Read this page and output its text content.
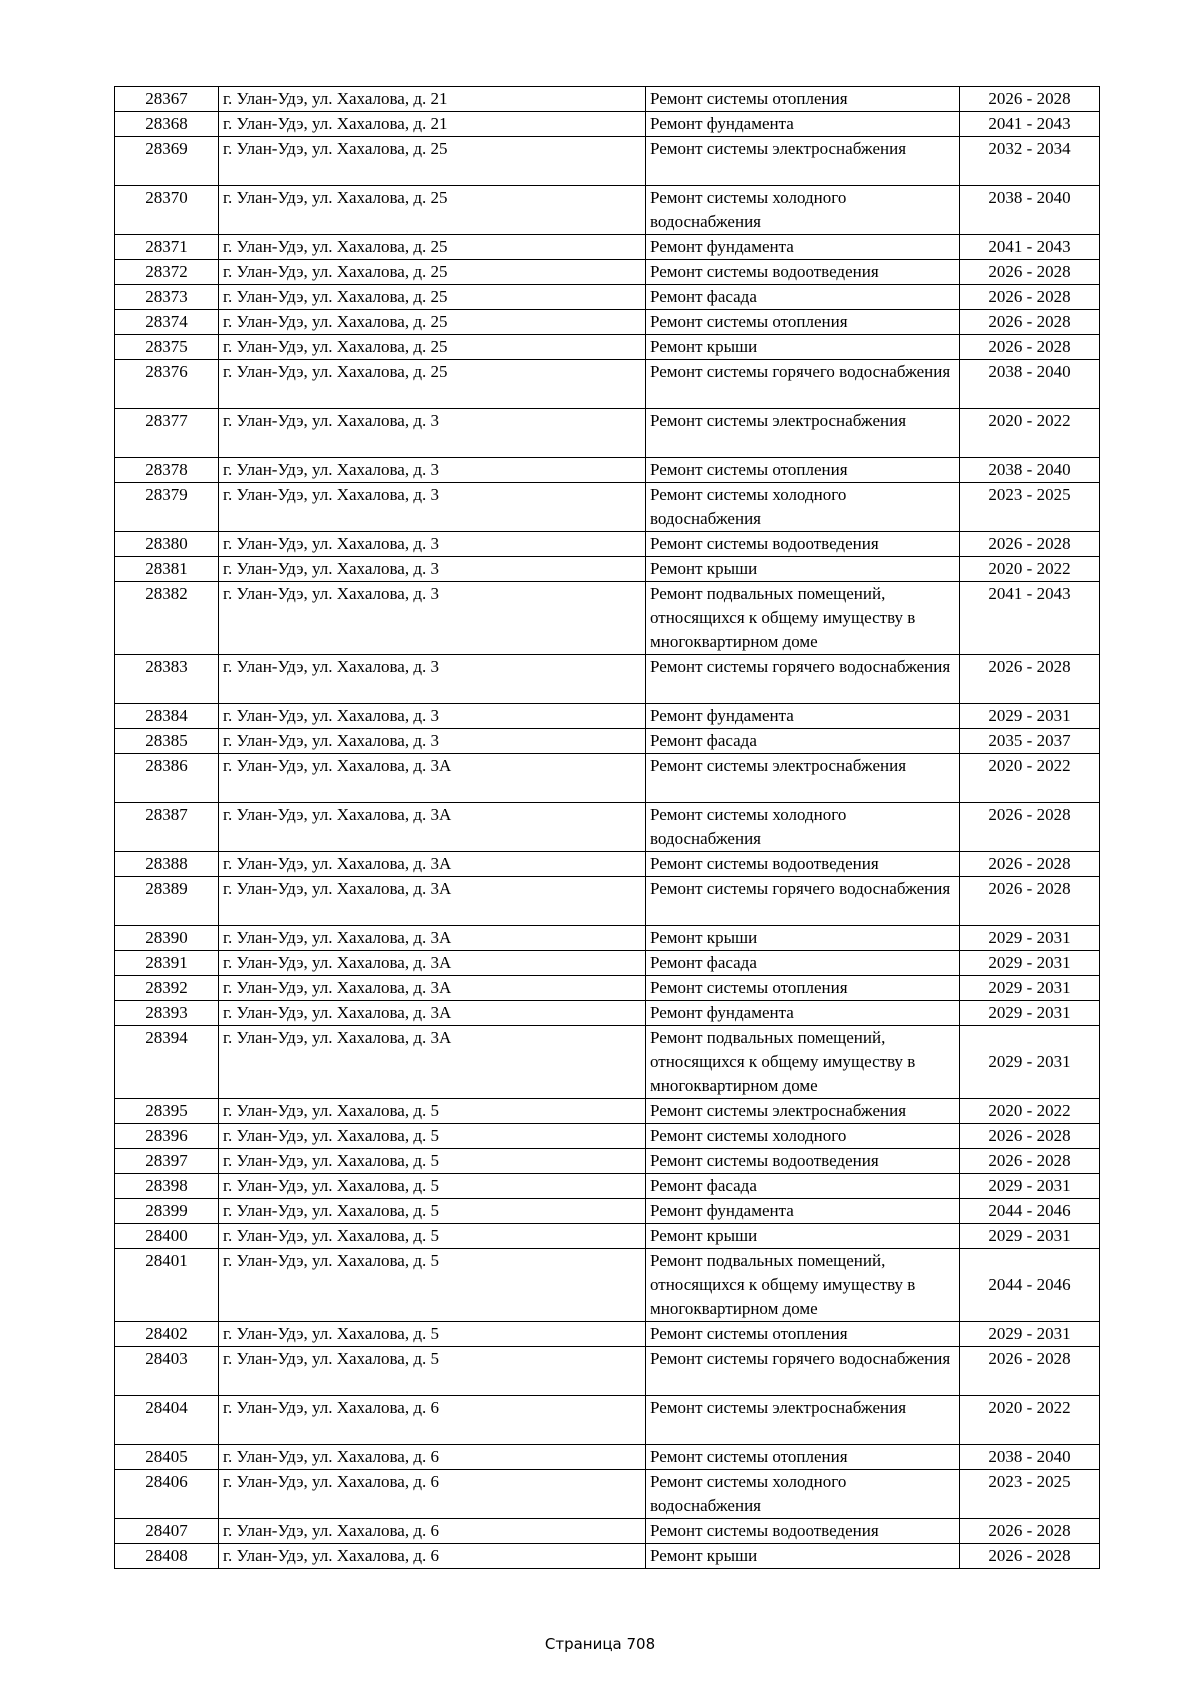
28367	г. Улан-Удэ, ул. Хахалова, д. 21	Ремонт системы отопления	2026 - 2028
28368	г. Улан-Удэ, ул. Хахалова, д. 21	Ремонт фундамента	2041 - 2043
28369	г. Улан-Удэ, ул. Хахалова, д. 25	Ремонт системы электроснабжения	2032 - 2034
28370	г. Улан-Удэ, ул. Хахалова, д. 25	Ремонт системы холодного водоснабжения	2038 - 2040
28371	г. Улан-Удэ, ул. Хахалова, д. 25	Ремонт фундамента	2041 - 2043
28372	г. Улан-Удэ, ул. Хахалова, д. 25	Ремонт системы водоотведения	2026 - 2028
28373	г. Улан-Удэ, ул. Хахалова, д. 25	Ремонт фасада	2026 - 2028
28374	г. Улан-Удэ, ул. Хахалова, д. 25	Ремонт системы отопления	2026 - 2028
28375	г. Улан-Удэ, ул. Хахалова, д. 25	Ремонт крыши	2026 - 2028
28376	г. Улан-Удэ, ул. Хахалова, д. 25	Ремонт системы горячего водоснабжения	2038 - 2040
28377	г. Улан-Удэ, ул. Хахалова, д. 3	Ремонт системы электроснабжения	2020 - 2022
28378	г. Улан-Удэ, ул. Хахалова, д. 3	Ремонт системы отопления	2038 - 2040
28379	г. Улан-Удэ, ул. Хахалова, д. 3	Ремонт системы холодного водоснабжения	2023 - 2025
28380	г. Улан-Удэ, ул. Хахалова, д. 3	Ремонт системы водоотведения	2026 - 2028
28381	г. Улан-Удэ, ул. Хахалова, д. 3	Ремонт крыши	2020 - 2022
28382	г. Улан-Удэ, ул. Хахалова, д. 3	Ремонт подвальных помещений, относящихся к общему имуществу в многоквартирном доме	2041 - 2043
28383	г. Улан-Удэ, ул. Хахалова, д. 3	Ремонт системы горячего водоснабжения	2026 - 2028
28384	г. Улан-Удэ, ул. Хахалова, д. 3	Ремонт фундамента	2029 - 2031
28385	г. Улан-Удэ, ул. Хахалова, д. 3	Ремонт фасада	2035 - 2037
28386	г. Улан-Удэ, ул. Хахалова, д. 3А	Ремонт системы электроснабжения	2020 - 2022
28387	г. Улан-Удэ, ул. Хахалова, д. 3А	Ремонт системы холодного водоснабжения	2026 - 2028
28388	г. Улан-Удэ, ул. Хахалова, д. 3А	Ремонт системы водоотведения	2026 - 2028
28389	г. Улан-Удэ, ул. Хахалова, д. 3А	Ремонт системы горячего водоснабжения	2026 - 2028
28390	г. Улан-Удэ, ул. Хахалова, д. 3А	Ремонт крыши	2029 - 2031
28391	г. Улан-Удэ, ул. Хахалова, д. 3А	Ремонт фасада	2029 - 2031
28392	г. Улан-Удэ, ул. Хахалова, д. 3А	Ремонт системы отопления	2029 - 2031
28393	г. Улан-Удэ, ул. Хахалова, д. 3А	Ремонт фундамента	2029 - 2031
28394	г. Улан-Удэ, ул. Хахалова, д. 3А	Ремонт подвальных помещений, относящихся к общему имуществу в многоквартирном доме	2029 - 2031
28395	г. Улан-Удэ, ул. Хахалова, д. 5	Ремонт системы электроснабжения	2020 - 2022
28396	г. Улан-Удэ, ул. Хахалова, д. 5	Ремонт системы холодного	2026 - 2028
28397	г. Улан-Удэ, ул. Хахалова, д. 5	Ремонт системы водоотведения	2026 - 2028
28398	г. Улан-Удэ, ул. Хахалова, д. 5	Ремонт фасада	2029 - 2031
28399	г. Улан-Удэ, ул. Хахалова, д. 5	Ремонт фундамента	2044 - 2046
28400	г. Улан-Удэ, ул. Хахалова, д. 5	Ремонт крыши	2029 - 2031
28401	г. Улан-Удэ, ул. Хахалова, д. 5	Ремонт подвальных помещений, относящихся к общему имуществу в многоквартирном доме	2044 - 2046
28402	г. Улан-Удэ, ул. Хахалова, д. 5	Ремонт системы отопления	2029 - 2031
28403	г. Улан-Удэ, ул. Хахалова, д. 5	Ремонт системы горячего водоснабжения	2026 - 2028
28404	г. Улан-Удэ, ул. Хахалова, д. 6	Ремонт системы электроснабжения	2020 - 2022
28405	г. Улан-Удэ, ул. Хахалова, д. 6	Ремонт системы отопления	2038 - 2040
28406	г. Улан-Удэ, ул. Хахалова, д. 6	Ремонт системы холодного водоснабжения	2023 - 2025
28407	г. Улан-Удэ, ул. Хахалова, д. 6	Ремонт системы водоотведения	2026 - 2028
28408	г. Улан-Удэ, ул. Хахалова, д. 6	Ремонт крыши	2026 - 2028
Страница 708
